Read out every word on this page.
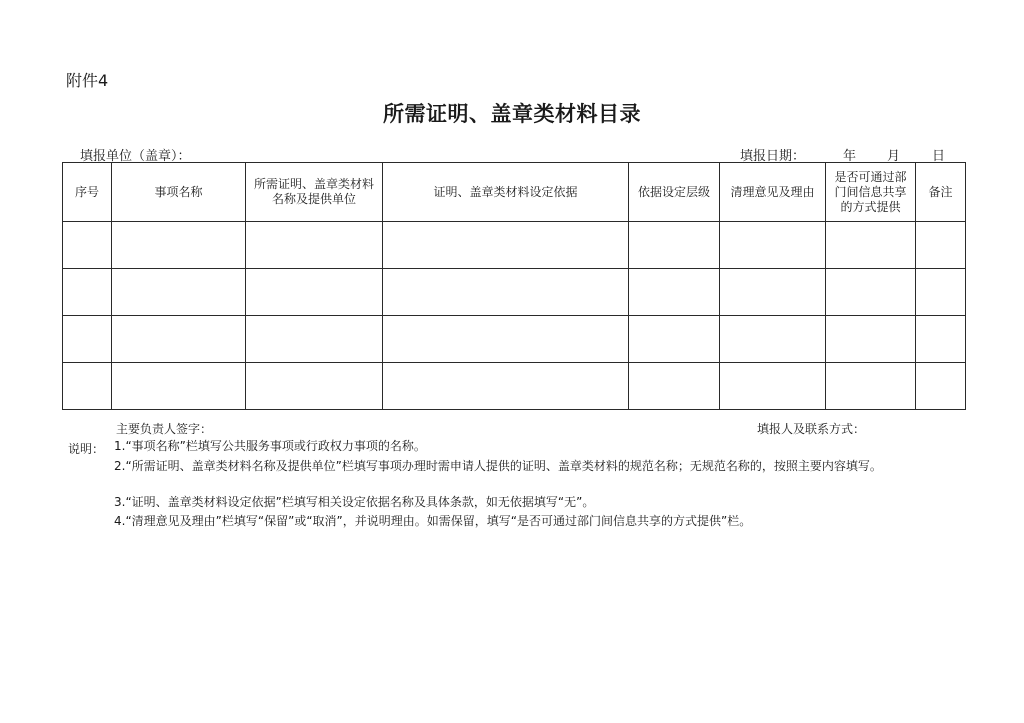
附件4
所需证明、盖章类材料目录
填报单位（盖章）：	填报日期：	年 月 日
序号	事项名称	所需证明、盖章类材料名称及提供单位	证明、盖章类材料设定依据	依据设定层级	清理意见及理由	是否可通过部门间信息共享的方式提供	备注

主要负责人签字：	填报人及联系方式：
说明： 1.“事项名称”栏填写公共服务事项或行政权力事项的名称。
2.“所需证明、盖章类材料名称及提供单位”栏填写事项办理时需申请人提供的证明、盖章类材料的规范名称；无规范名称的，按照主要内容填写。
3.“证明、盖章类材料设定依据”栏填写相关设定依据名称及具体条款，如无依据填写“无”。
4.“清理意见及理由”栏填写“保留”或“取消”，并说明理由。如需保留，填写“是否可通过部门间信息共享的方式提供”栏。
